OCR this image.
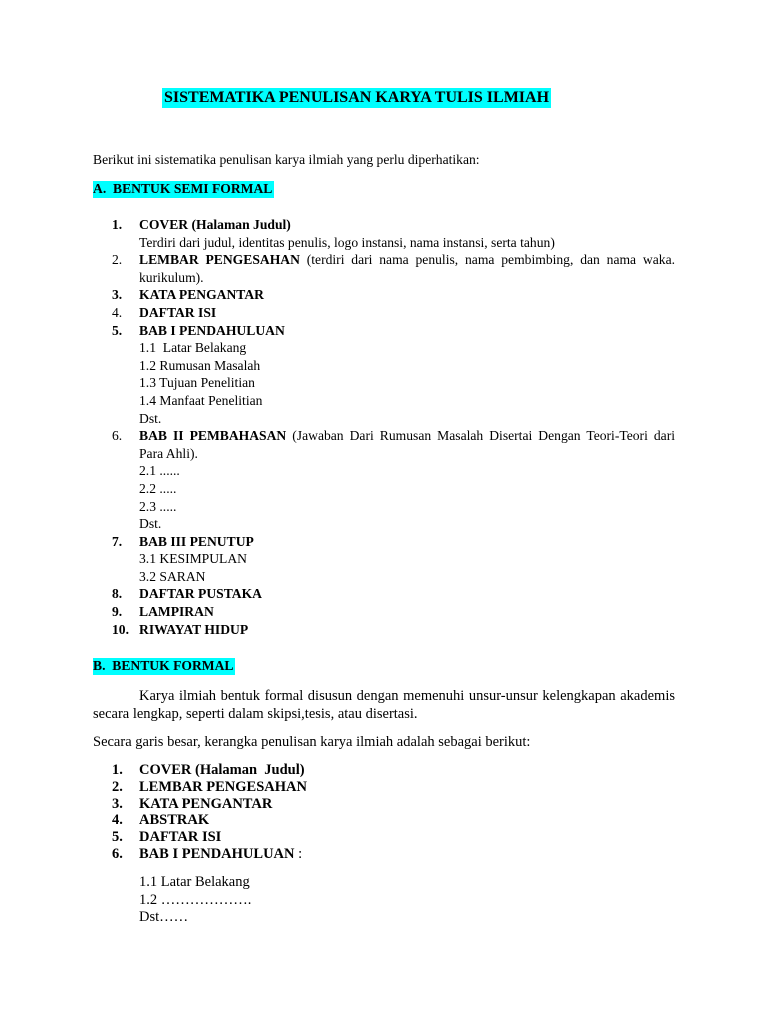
SISTEMATIKA PENULISAN KARYA TULIS ILMIAH
Berikut ini sistematika penulisan karya ilmiah yang perlu diperhatikan:
A.  BENTUK SEMI FORMAL
1.	COVER (Halaman Judul)
Terdiri dari judul, identitas penulis, logo instansi, nama instansi, serta tahun)
2.	LEMBAR PENGESAHAN (terdiri dari nama penulis, nama pembimbing, dan nama waka. kurikulum).
3.	KATA PENGANTAR
4.	DAFTAR ISI
5.	BAB I PENDAHULUAN
1.1  Latar Belakang
1.2 Rumusan Masalah
1.3 Tujuan Penelitian
1.4 Manfaat Penelitian
Dst.
6.	BAB II PEMBAHASAN (Jawaban Dari Rumusan Masalah Disertai Dengan Teori-Teori dari Para Ahli).
2.1 ......
2.2 .....
2.3 .....
Dst.
7.	BAB III PENUTUP
3.1 KESIMPULAN
3.2 SARAN
8.	DAFTAR PUSTAKA
9.	LAMPIRAN
10. RIWAYAT HIDUP
B.  BENTUK FORMAL
Karya ilmiah bentuk formal disusun dengan memenuhi unsur-unsur kelengkapan akademis secara lengkap, seperti dalam skipsi,tesis, atau disertasi.
Secara garis besar, kerangka penulisan karya ilmiah adalah sebagai berikut:
1.	COVER (Halaman  Judul)
2.	LEMBAR PENGESAHAN
3.	KATA PENGANTAR
4.	ABSTRAK
5.	DAFTAR ISI
6.	BAB I PENDAHULUAN :
1.1 Latar Belakang
1.2 ……………….
Dst……
